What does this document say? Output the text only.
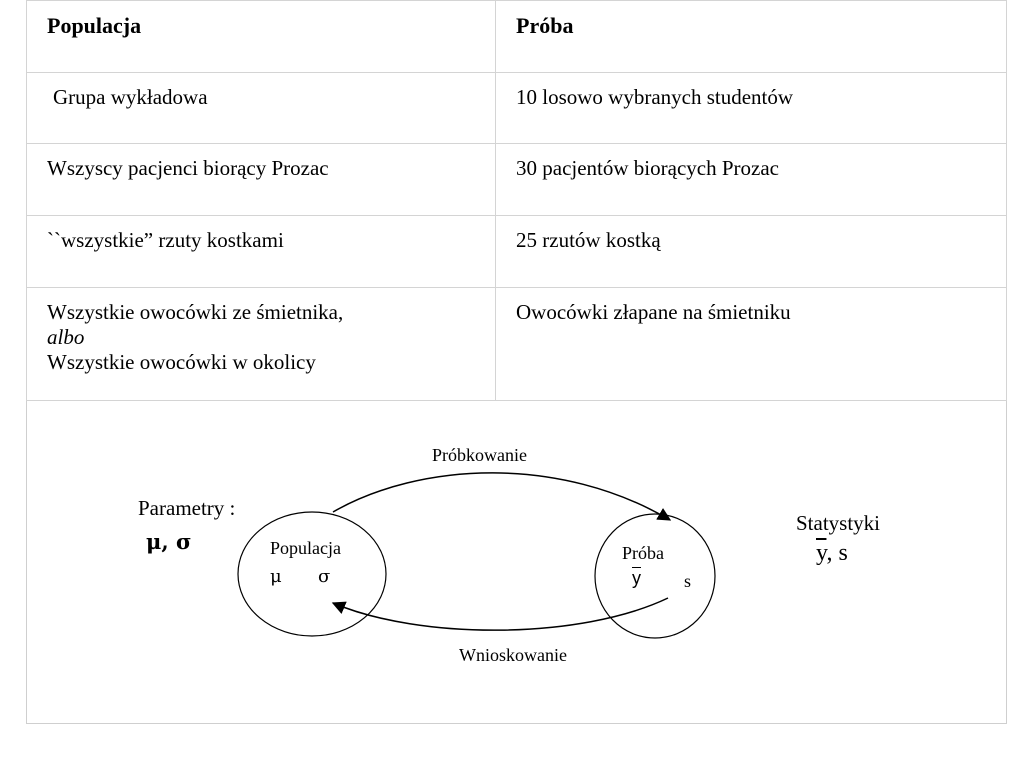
Populacja	Próba

Grupa wykładowa	10 losowo wybranych studentów

Wszyscy pacjenci biorący Prozac	30 pacjentów biorących Prozac

``wszystkie” rzuty kostkami	25 rzutów kostką

Wszystkie owocówki ze śmietnika,
albo
Wszystkie owocówki w okolicy	Owocówki złapane na śmietniku
Próbkowanie
Wnioskowanie
Parametry :
μ, σ	Populacja
μ σ
Próba
$\overline{y}$ s
Statystyki
$\overline{y}$, s
